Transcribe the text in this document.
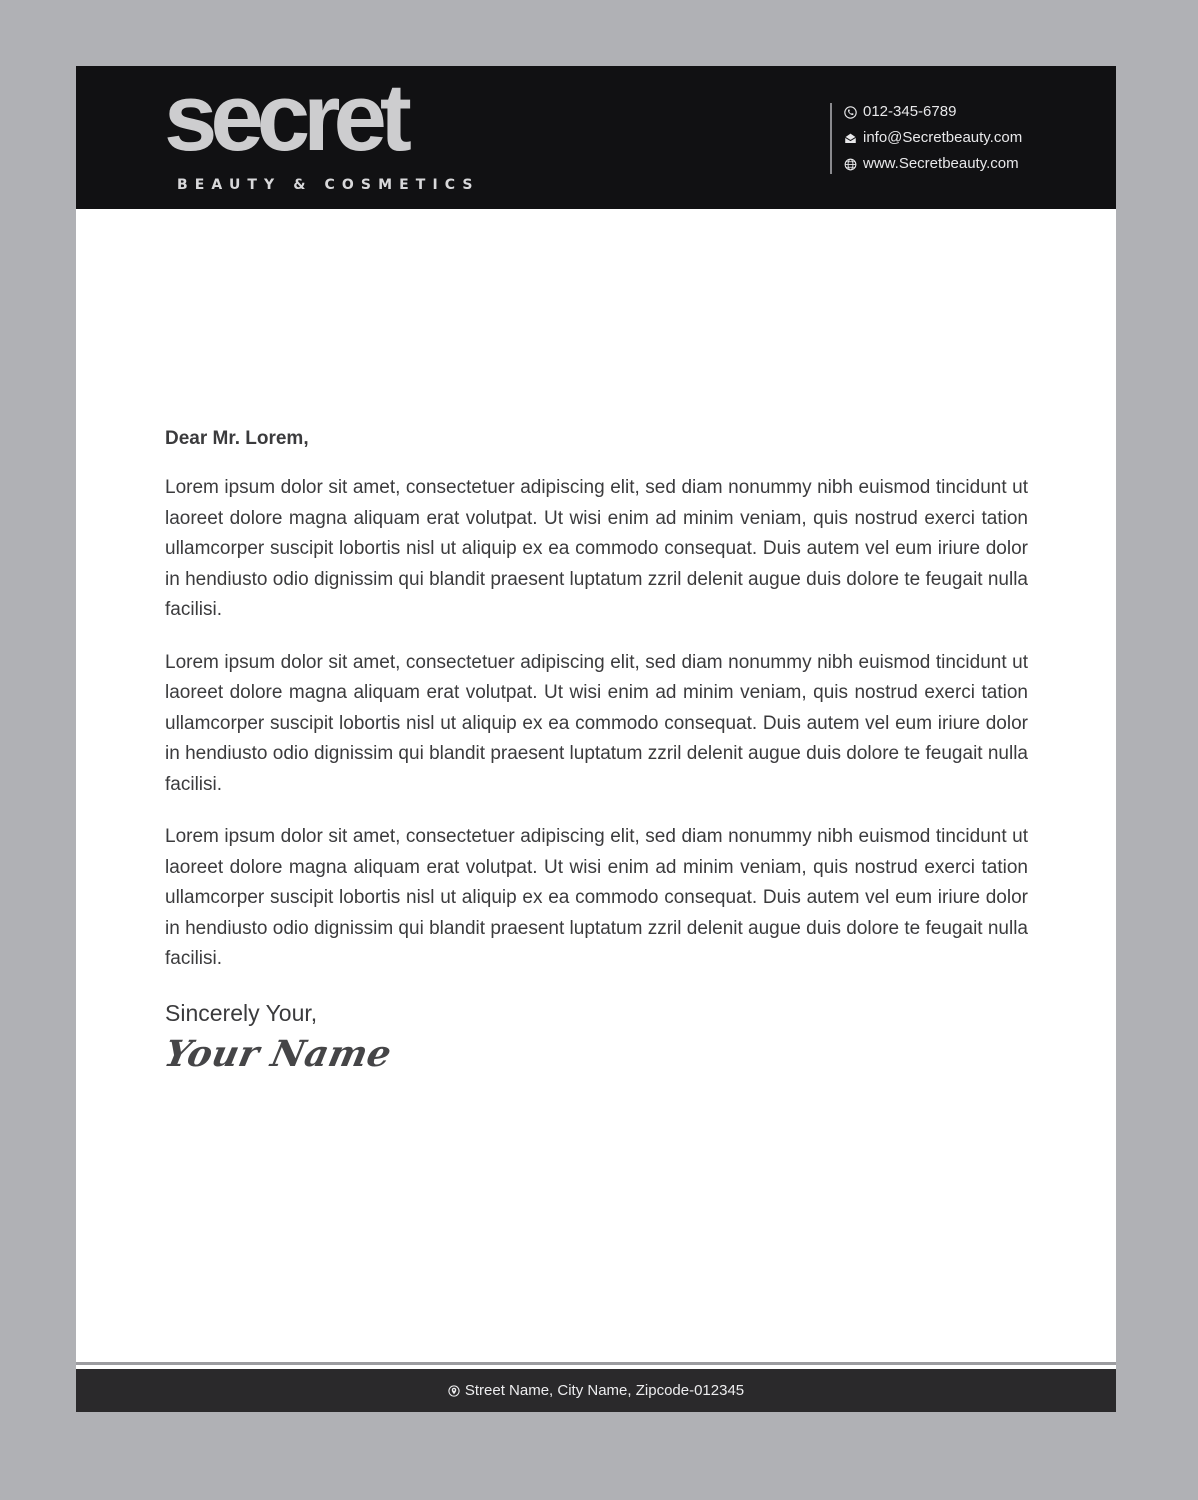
secret
BEAUTY & COSMETICS
012-345-6789
info@Secretbeauty.com
www.Secretbeauty.com

Dear Mr. Lorem,

Lorem ipsum dolor sit amet, consectetuer adipiscing elit, sed diam nonummy nibh euismod tincidunt ut laoreet dolore magna aliquam erat volutpat. Ut wisi enim ad minim veniam, quis nostrud exerci tation ullamcorper suscipit lobortis nisl ut aliquip ex ea commodo consequat. Duis autem vel eum iriure dolor in hendiusto odio dignissim qui blandit praesent luptatum zzril delenit augue duis dolore te feugait nulla facilisi.

Lorem ipsum dolor sit amet, consectetuer adipiscing elit, sed diam nonummy nibh euismod tincidunt ut laoreet dolore magna aliquam erat volutpat. Ut wisi enim ad minim veniam, quis nostrud exerci tation ullamcorper suscipit lobortis nisl ut aliquip ex ea commodo consequat. Duis autem vel eum iriure dolor in hendiusto odio dignissim qui blandit praesent luptatum zzril delenit augue duis dolore te feugait nulla facilisi.

Lorem ipsum dolor sit amet, consectetuer adipiscing elit, sed diam nonummy nibh euismod tincidunt ut laoreet dolore magna aliquam erat volutpat. Ut wisi enim ad minim veniam, quis nostrud exerci tation ullamcorper suscipit lobortis nisl ut aliquip ex ea commodo consequat. Duis autem vel eum iriure dolor in hendiusto odio dignissim qui blandit praesent luptatum zzril delenit augue duis dolore te feugait nulla facilisi.

Sincerely Your,
Your Name
Street Name, City Name, Zipcode-012345
